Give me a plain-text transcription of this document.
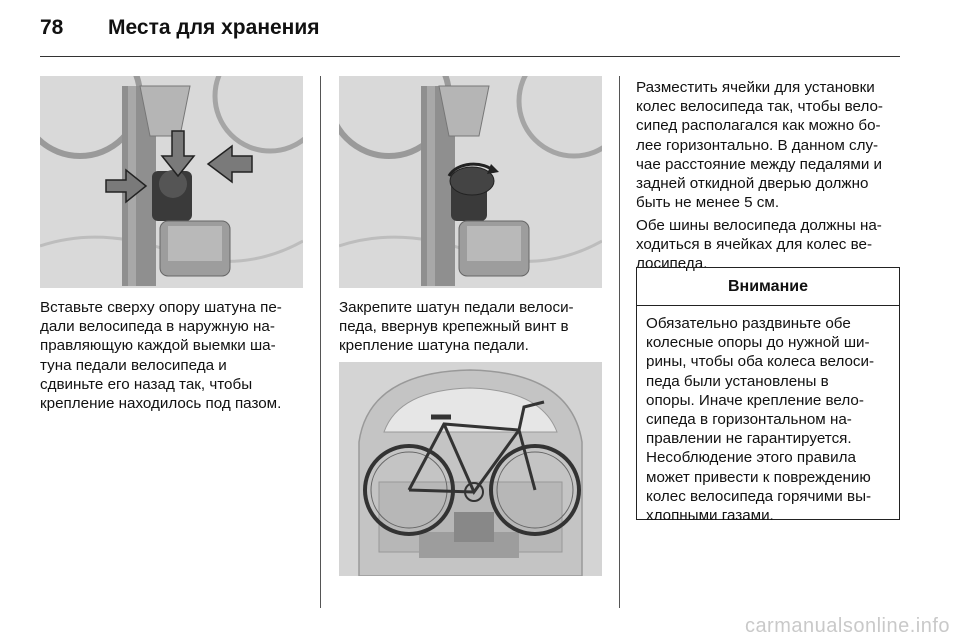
78	Места для хранения
Вставьте сверху опору шатуна пе-
дали велосипеда в наружную на-
правляющую каждой выемки ша-
туна педали велосипеда и
сдвиньте его назад так, чтобы
крепление находилось под пазом.
Закрепите шатун педали велоси-
педа, ввернув крепежный винт в
крепление шатуна педали.
Разместить ячейки для установки
колес велосипеда так, чтобы вело-
сипед располагался как можно бо-
лее горизонтально. В данном слу-
чае расстояние между педалями и
задней откидной дверью должно
быть не менее 5 см.
Обе шины велосипеда должны на-
ходиться в ячейках для колес ве-
лосипеда.
Внимание
Обязательно раздвиньте обе
колесные опоры до нужной ши-
рины, чтобы оба колеса велоси-
педа были установлены в
опоры. Иначе крепление вело-
сипеда в горизонтальном на-
правлении не гарантируется.
Несоблюдение этого правила
может привести к повреждению
колес велосипеда горячими вы-
хлопными газами.
carmanualsonline.info
